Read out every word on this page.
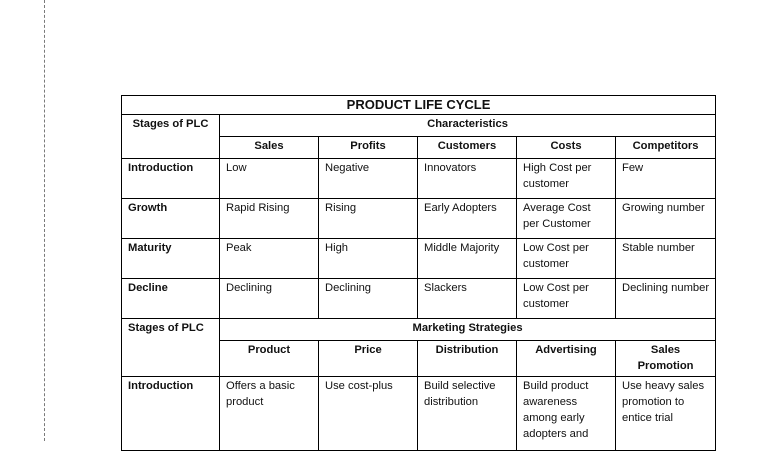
PRODUCT LIFE CYCLE					
Stages of PLC	Characteristics				
	Sales	Profits	Customers	Costs	Competitors
Introduction	Low	Negative	Innovators	High Cost per customer	Few
Growth	Rapid Rising	Rising	Early Adopters	Average Cost per Customer	Growing number
Maturity	Peak	High	Middle Majority	Low Cost per customer	Stable number
Decline	Declining	Declining	Slackers	Low Cost per customer	Declining number
Stages of PLC	Marketing Strategies				
	Product	Price	Distribution	Advertising	Sales Promotion
Introduction	Offers a basic product	Use cost-plus	Build selective distribution	Build product awareness among early adopters and	Use heavy sales promotion to entice trial
